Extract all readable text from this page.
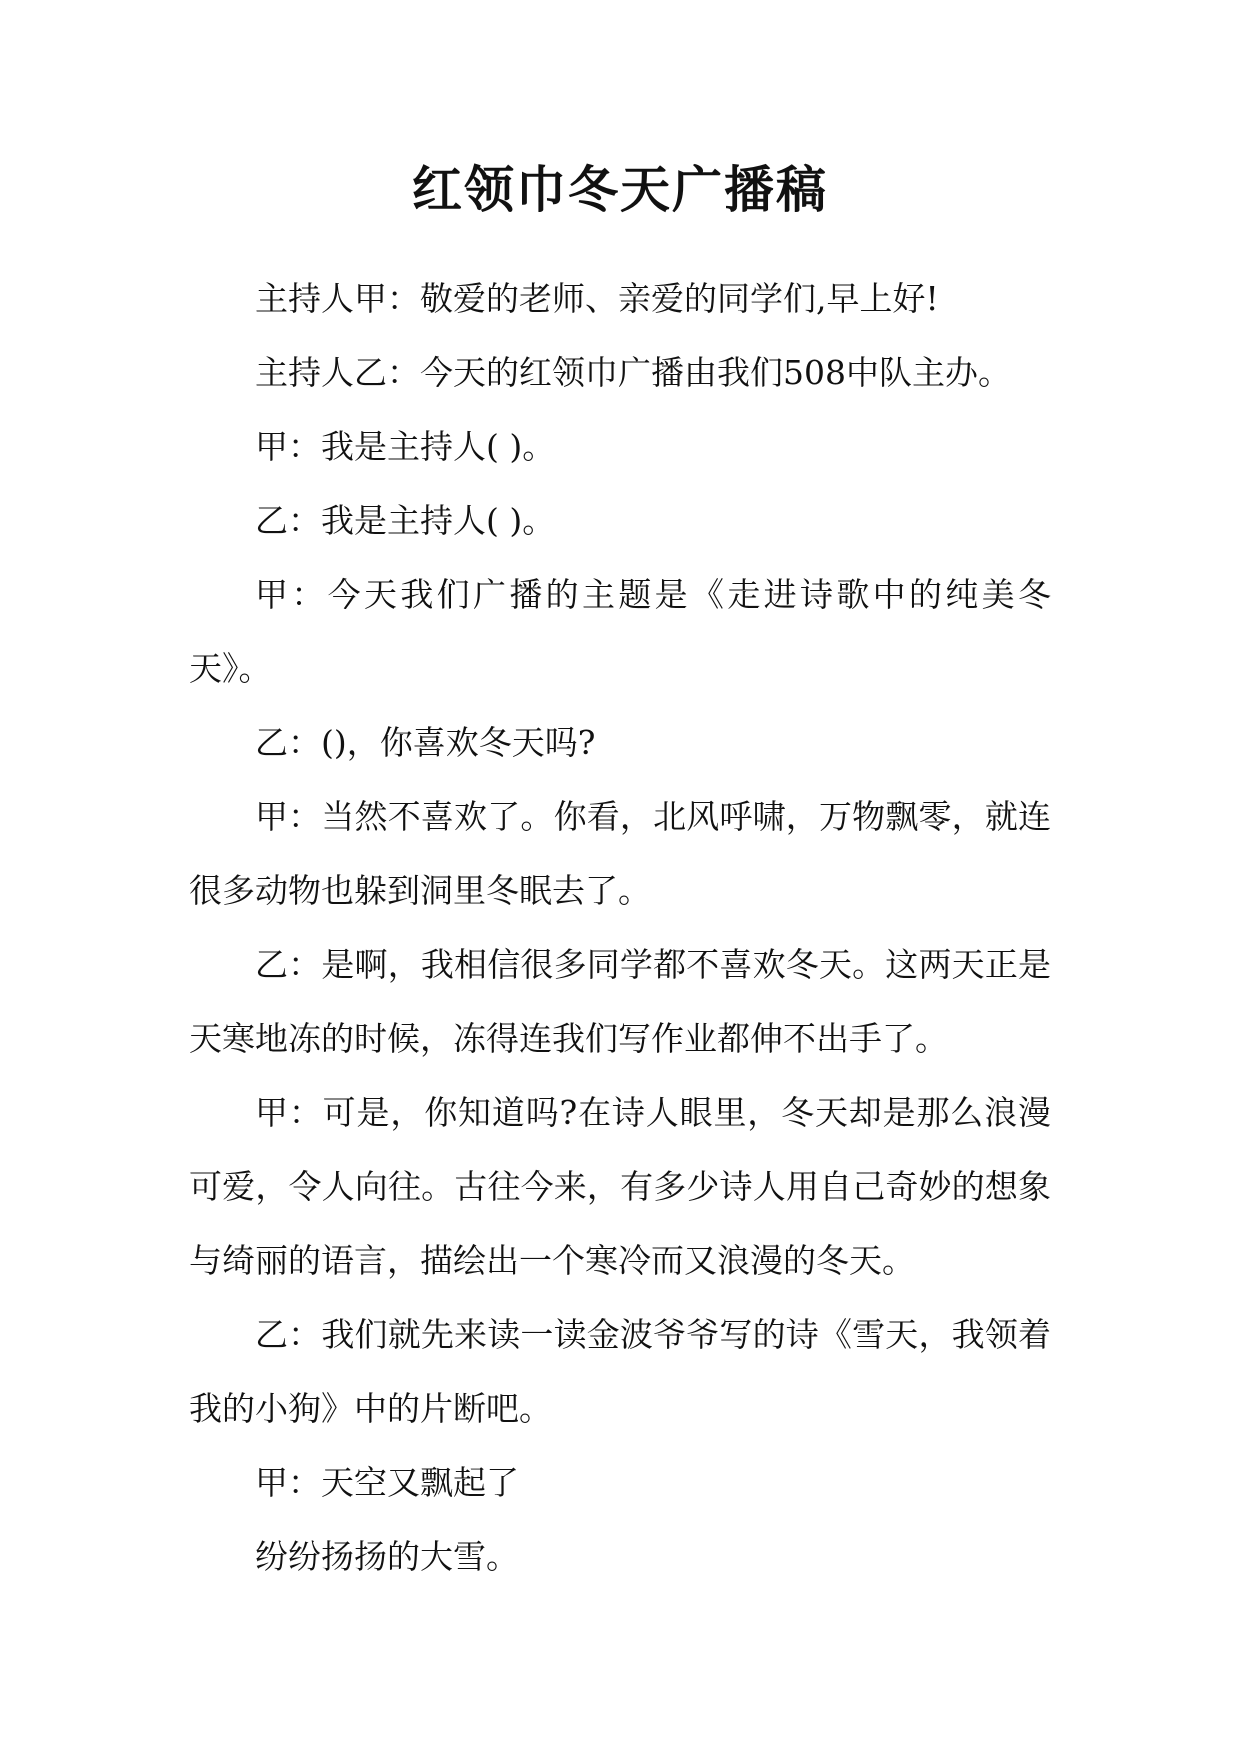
红领巾冬天广播稿

主持人甲：敬爱的老师、亲爱的同学们,早上好!

主持人乙：今天的红领巾广播由我们508中队主办。

甲：我是主持人( )。

乙：我是主持人( )。

甲：今天我们广播的主题是《走进诗歌中的纯美冬天》。

乙：()，你喜欢冬天吗?

甲：当然不喜欢了。你看，北风呼啸，万物飘零，就连很多动物也躲到洞里冬眠去了。

乙：是啊，我相信很多同学都不喜欢冬天。这两天正是天寒地冻的时候，冻得连我们写作业都伸不出手了。

甲：可是，你知道吗?在诗人眼里，冬天却是那么浪漫可爱，令人向往。古往今来，有多少诗人用自己奇妙的想象与绮丽的语言，描绘出一个寒冷而又浪漫的冬天。

乙：我们就先来读一读金波爷爷写的诗《雪天，我领着我的小狗》中的片断吧。

甲：天空又飘起了

纷纷扬扬的大雪。
